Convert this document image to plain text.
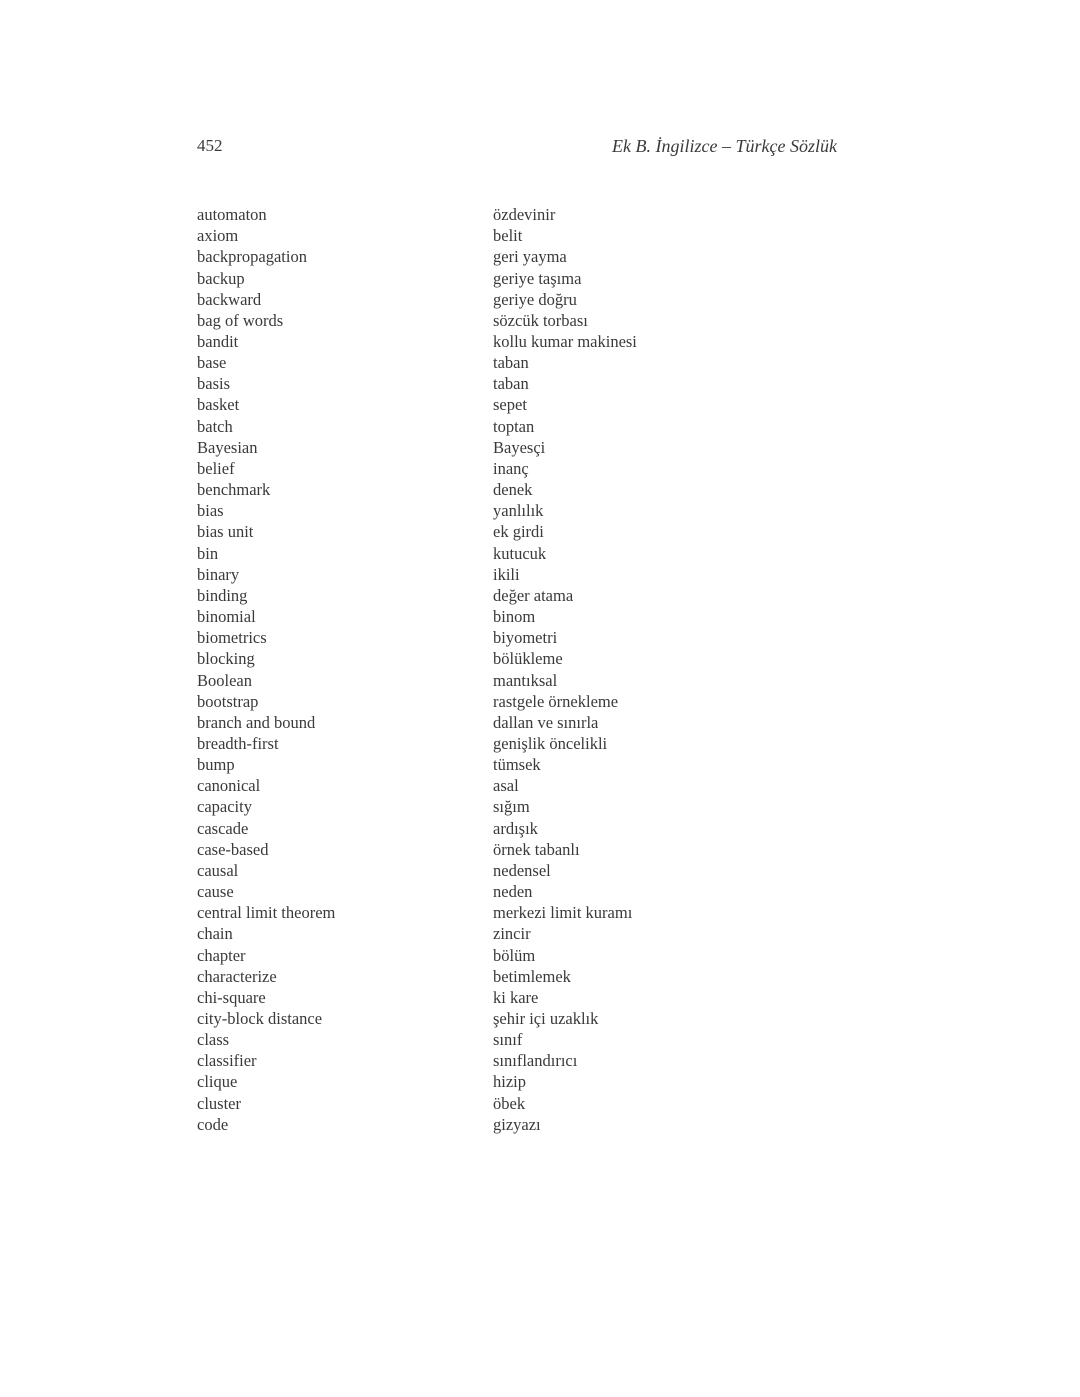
452	Ek B. İngilizce – Türkçe Sözlük
automaton	özdevinir
axiom	belit
backpropagation	geri yayma
backup	geriye taşıma
backward	geriye doğru
bag of words	sözcük torbası
bandit	kollu kumar makinesi
base	taban
basis	taban
basket	sepet
batch	toptan
Bayesian	Bayesçi
belief	inanç
benchmark	denek
bias	yanlılık
bias unit	ek girdi
bin	kutucuk
binary	ikili
binding	değer atama
binomial	binom
biometrics	biyometri
blocking	bölükleme
Boolean	mantıksal
bootstrap	rastgele örnekleme
branch and bound	dallan ve sınırla
breadth-first	genişlik öncelikli
bump	tümsek
canonical	asal
capacity	sığım
cascade	ardışık
case-based	örnek tabanlı
causal	nedensel
cause	neden
central limit theorem	merkezi limit kuramı
chain	zincir
chapter	bölüm
characterize	betimlemek
chi-square	ki kare
city-block distance	şehir içi uzaklık
class	sınıf
classifier	sınıflandırıcı
clique	hizip
cluster	öbek
code	gizyazı
